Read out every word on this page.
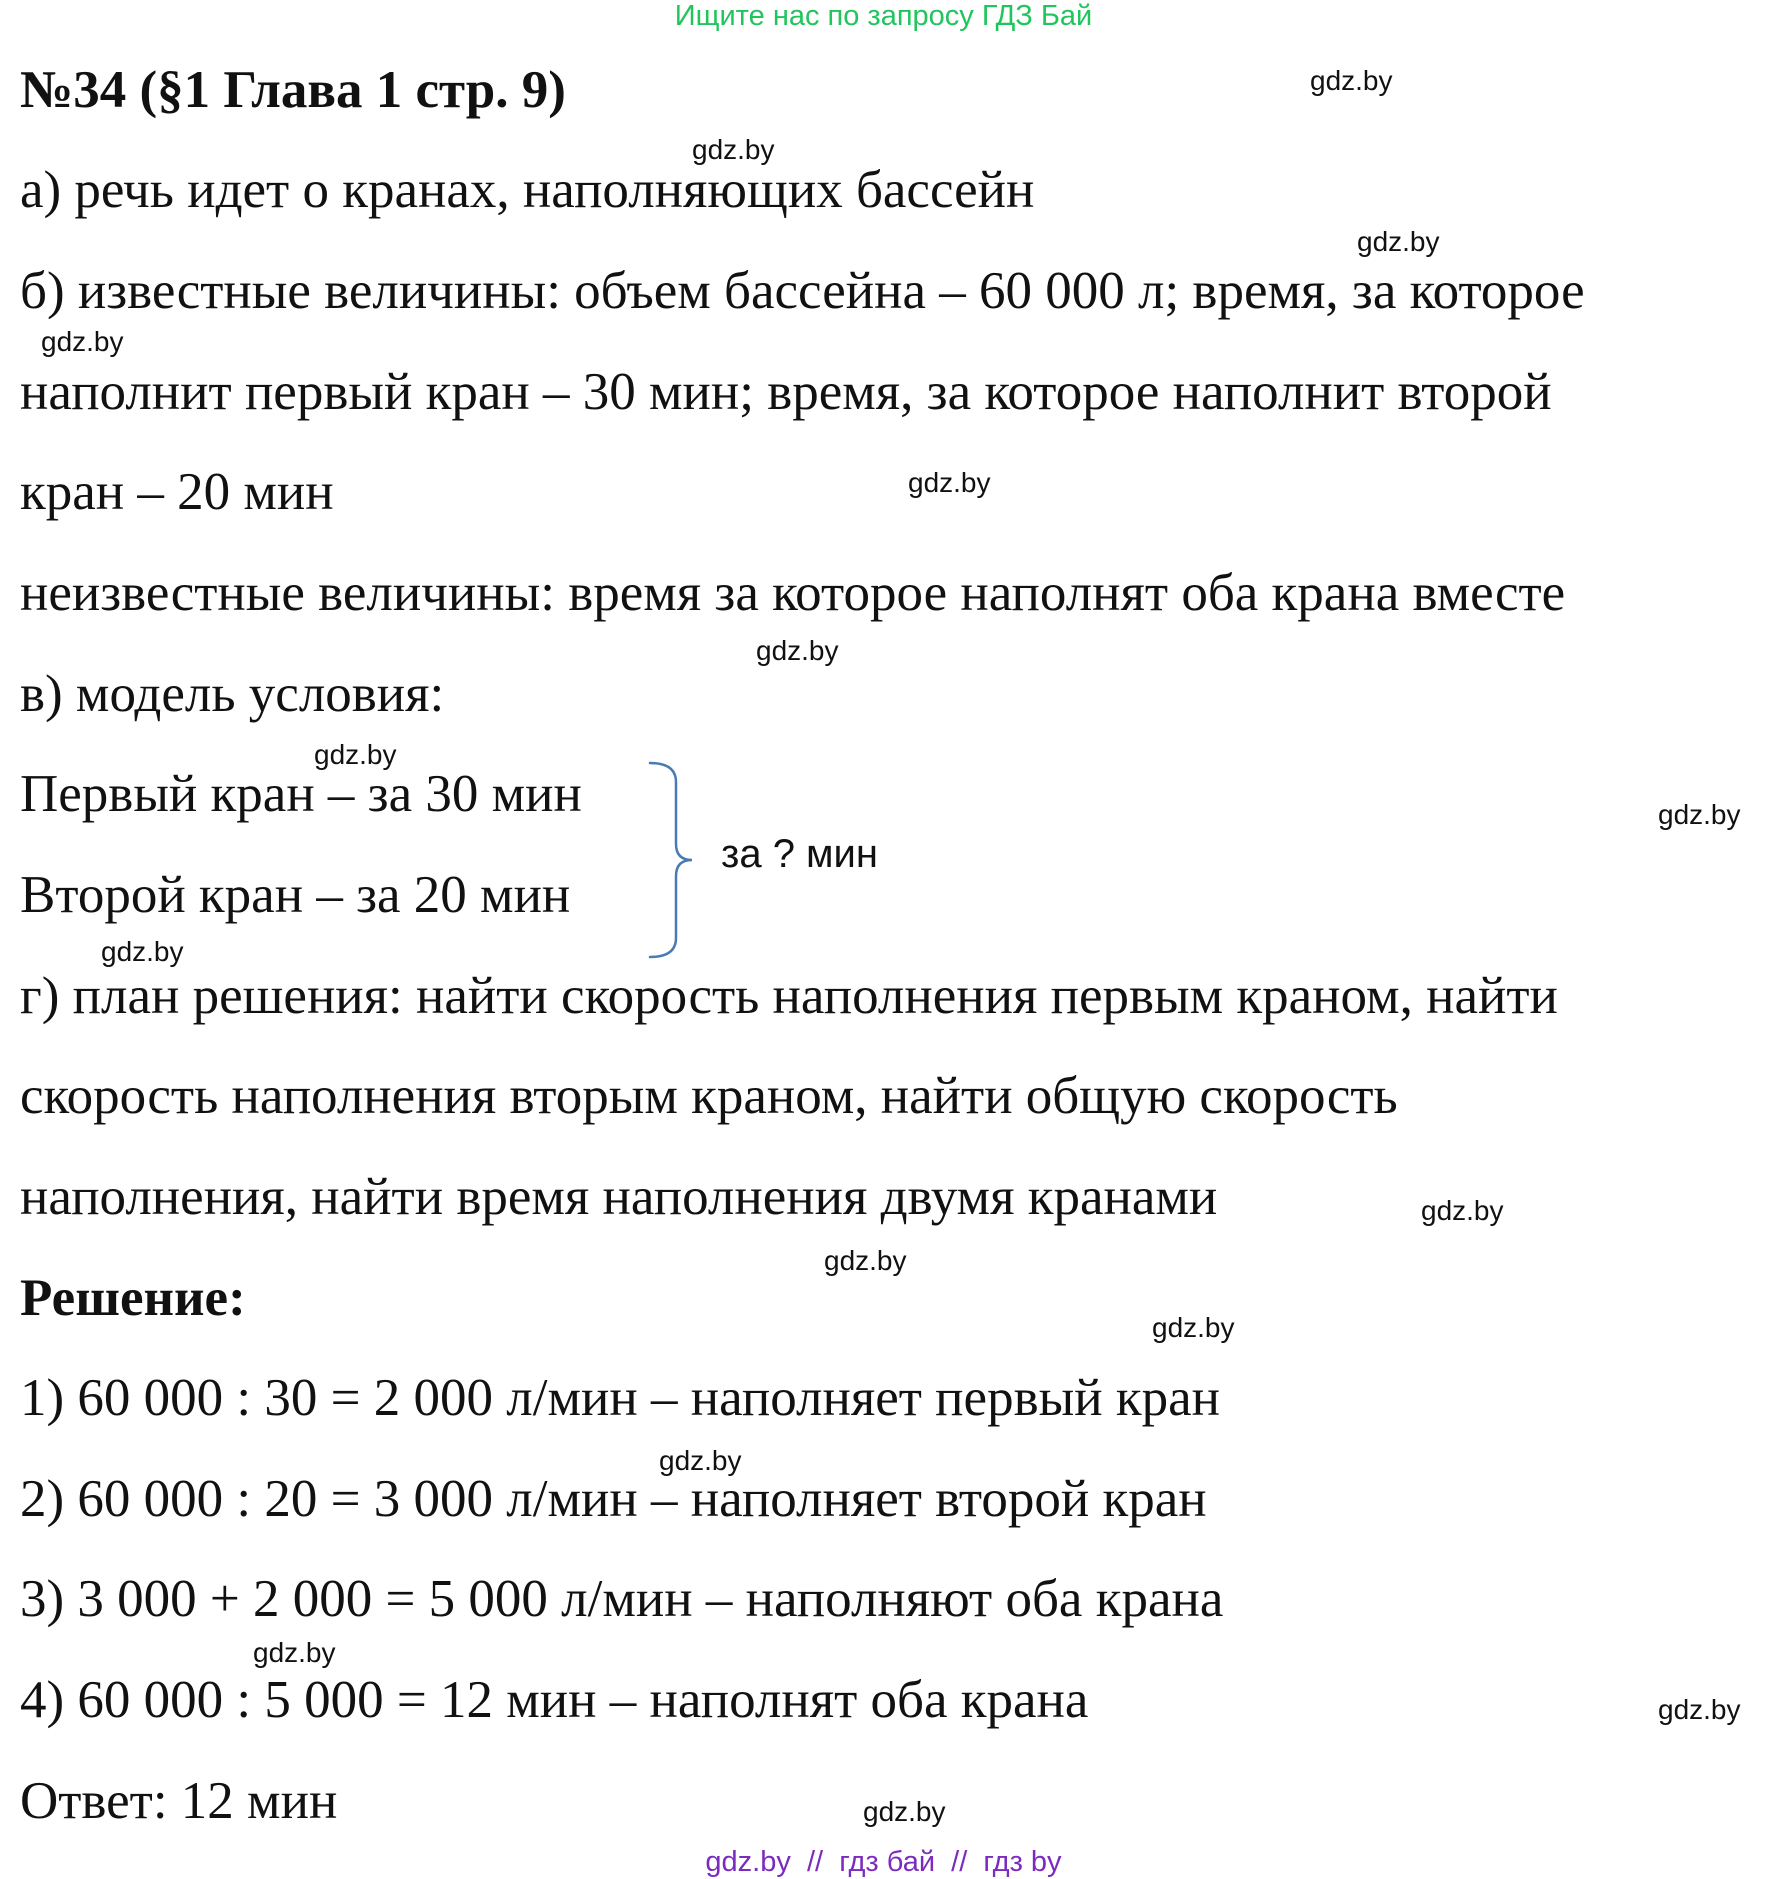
Ищите нас по запросу ГДЗ Бай
№34 (§1 Глава 1 стр. 9)
а) речь идет о кранах, наполняющих бассейн
б) известные величины: объем бассейна – 60 000 л; время, за которое
наполнит первый кран – 30 мин; время, за которое наполнит второй
кран – 20 мин
неизвестные величины: время за которое наполнят оба крана вместе
в) модель условия:
Первый кран – за 30 мин
Второй кран – за 20 мин
за ? мин
г) план решения: найти скорость наполнения первым краном, найти
скорость наполнения вторым краном, найти общую скорость
наполнения, найти время наполнения двумя кранами
Решение:
1) 60 000 : 30 = 2 000 л/мин – наполняет первый кран
2) 60 000 : 20 = 3 000 л/мин – наполняет второй кран
3) 3 000 + 2 000 = 5 000 л/мин – наполняют оба крана
4) 60 000 : 5 000 = 12 мин – наполнят оба крана
Ответ: 12 мин
gdz.by
gdz.by
gdz.by
gdz.by
gdz.by
gdz.by
gdz.by
gdz.by
gdz.by
gdz.by
gdz.by
gdz.by
gdz.by
gdz.by
gdz.by
gdz.by
gdz.by  //  гдз бай  //  гдз by
